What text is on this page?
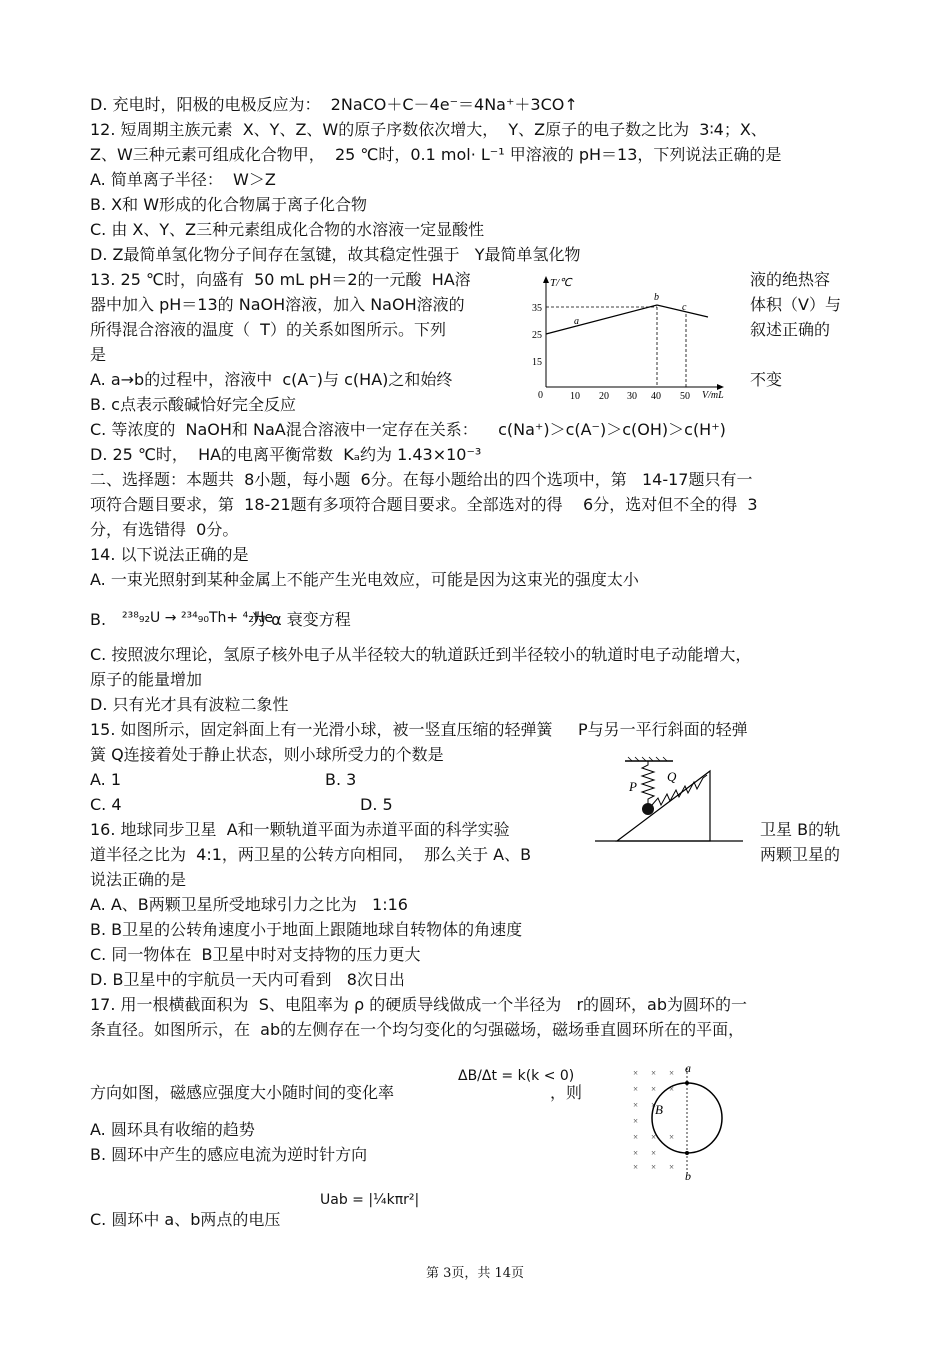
D. 充电时，阳极的电极反应为：  2NaCO＋C－4e⁻＝4Na⁺＋3CO↑
12. 短周期主族元素  X、Y、Z、W的原子序数依次增大，  Y、Z原子的电子数之比为  3∶4；X、
Z、W三种元素可组成化合物甲，  25 ℃时，0.1 mol· L⁻¹ 甲溶液的 pH＝13，下列说法正确的是
A. 简单离子半径：  W＞Z
B. X和 W形成的化合物属于离子化合物
C. 由 X、Y、Z三种元素组成化合物的水溶液一定显酸性
D. Z最简单氢化物分子间存在氢键，故其稳定性强于   Y最简单氢化物
13. 25 ℃时，向盛有  50 mL pH＝2的一元酸  HA溶	液的绝热容
器中加入 pH＝13的 NaOH溶液，加入 NaOH溶液的	体积（V）与
所得混合溶液的温度（  T）的关系如图所示。下列	叙述正确的
是
A. a→b的过程中，溶液中  c(A⁻)与 c(HA)之和始终	不变
T/℃
V/mL
35
25
15
0	10 20 30 40 50
a
b
c
B. c点表示酸碱恰好完全反应
C. 等浓度的  NaOH和 NaA混合溶液中一定存在关系：    c(Na⁺)＞c(A⁻)＞c(OH)＞c(H⁺)
D. 25 ℃时，  HA的电离平衡常数  Kₐ约为 1.43×10⁻³
二、选择题：本题共  8小题，每小题  6分。在每小题给出的四个选项中，第   14-17题只有一
项符合题目要求，第  18-21题有多项符合题目要求。全部选对的得    6分，选对但不全的得  3
分，有选错得  0分。
14. 以下说法正确的是
A. 一束光照射到某种金属上不能产生光电效应，可能是因为这束光的强度太小
B. ²³⁸₉₂U → ²³⁴₉₀Th+ ⁴₂He
为 α 衰变方程
C. 按照波尔理论，氢原子核外电子从半径较大的轨道跃迁到半径较小的轨道时电子动能增大，
原子的能量增加
D. 只有光才具有波粒二象性
15. 如图所示，固定斜面上有一光滑小球，被一竖直压缩的轻弹簧     P与另一平行斜面的轻弹
簧 Q连接着处于静止状态，则小球所受力的个数是
A. 1	B. 3
C. 4	D. 5
P
Q
16. 地球同步卫星  A和一颗轨道平面为赤道平面的科学实验	卫星 B的轨
道半径之比为  4:1，两卫星的公转方向相同，  那么关于 A、B	两颗卫星的
说法正确的是
A. A、B两颗卫星所受地球引力之比为   1:16
B. B卫星的公转角速度小于地面上跟随地球自转物体的角速度
C. 同一物体在  B卫星中时对支持物的压力更大
D. B卫星中的宇航员一天内可看到   8次日出
17. 用一根横截面积为  S、电阻率为 ρ 的硬质导线做成一个半径为   r的圆环，ab为圆环的一
条直径。如图所示，在  ab的左侧存在一个均匀变化的匀强磁场，磁场垂直圆环所在的平面，
方向如图，磁感应强度大小随时间的变化率
ΔB/Δt = k(k < 0)
，则
A. 圆环具有收缩的趋势
B. 圆环中产生的感应电流为逆时针方向
C. 圆环中 a、b两点的电压
Uab = |¼kπr²|
× × ×
× ×
× ×
×
× ×
× ×
× × ×
×
×
a
B
b
第 3页，共 14页
